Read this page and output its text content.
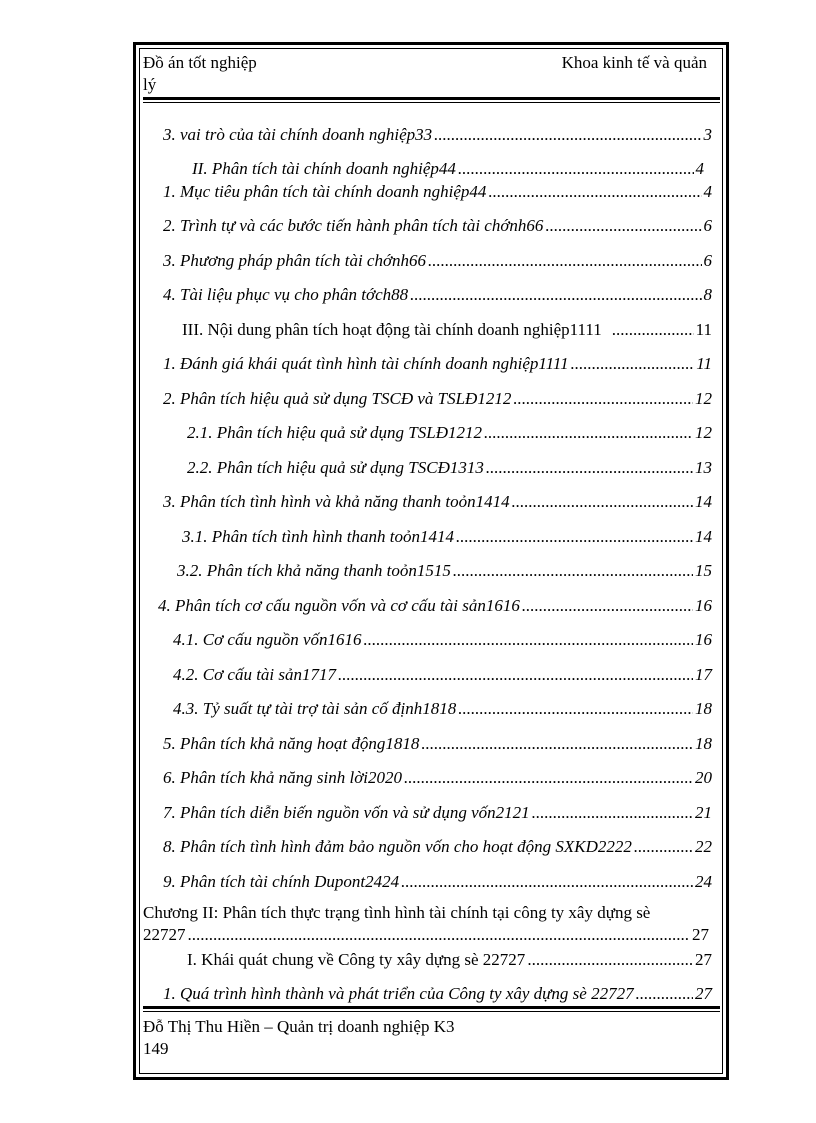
Đồ án tốt nghiệp	Khoa kinh tế và quản
lý
3. vai trò của tài chính doanh nghiệp33 .....	3
II. Phân tích tài chính doanh nghiệp44 .....	4
1. Mục tiêu phân tích tài chính doanh nghiệp44 .....	4
2. Trình tự và các bước tiến hành phân tích tài chớnh66 .....	6
3. Phương pháp phân tích tài chớnh66 .....	6
4. Tài liệu phục vụ cho phân tớch88 .....	8
III. Nội dung phân tích hoạt động tài chính doanh nghiệp1111 .....	11
1. Đánh giá khái quát tình hình tài chính doanh nghiệp1111 .....	11
2. Phân tích hiệu quả sử dụng TSCĐ và TSLĐ1212 .....	12
2.1. Phân tích hiệu quả sử dụng TSLĐ1212 .....	12
2.2. Phân tích hiệu quả sử dụng TSCĐ1313 .....	13
3. Phân tích tình hình và khả năng thanh toỏn1414 .....	14
3.1. Phân tích tình hình thanh toỏn1414 .....	14
3.2. Phân tích khả năng thanh toỏn1515 .....	15
4. Phân tích cơ cấu nguồn vốn và cơ cấu tài sản1616 .....	16
4.1. Cơ cấu nguồn vốn1616 .....	16
4.2. Cơ cấu tài sản1717 .....	17
4.3. Tỷ suất tự tài trợ tài sản cố định1818 .....	18
5. Phân tích khả năng hoạt động1818 .....	18
6. Phân tích khả năng sinh lời2020 .....	20
7. Phân tích diễn biến nguồn vốn và sử dụng vốn2121 .....	21
8. Phân tích tình hình đảm bảo nguồn vốn cho hoạt động SXKD2222 .....	22
9. Phân tích tài chính Dupont2424 .....	24
Chương II: Phân tích thực trạng tình hình tài chính tại công ty xây dựng sè
22727 .....	27
I. Khái quát chung về Công ty xây dựng sè 22727 .....	27
1. Quá trình hình thành và phát triển của Công ty xây dựng sè 22727 .....	27
Đỗ Thị Thu Hiền – Quản trị doanh nghiệp K3
149
